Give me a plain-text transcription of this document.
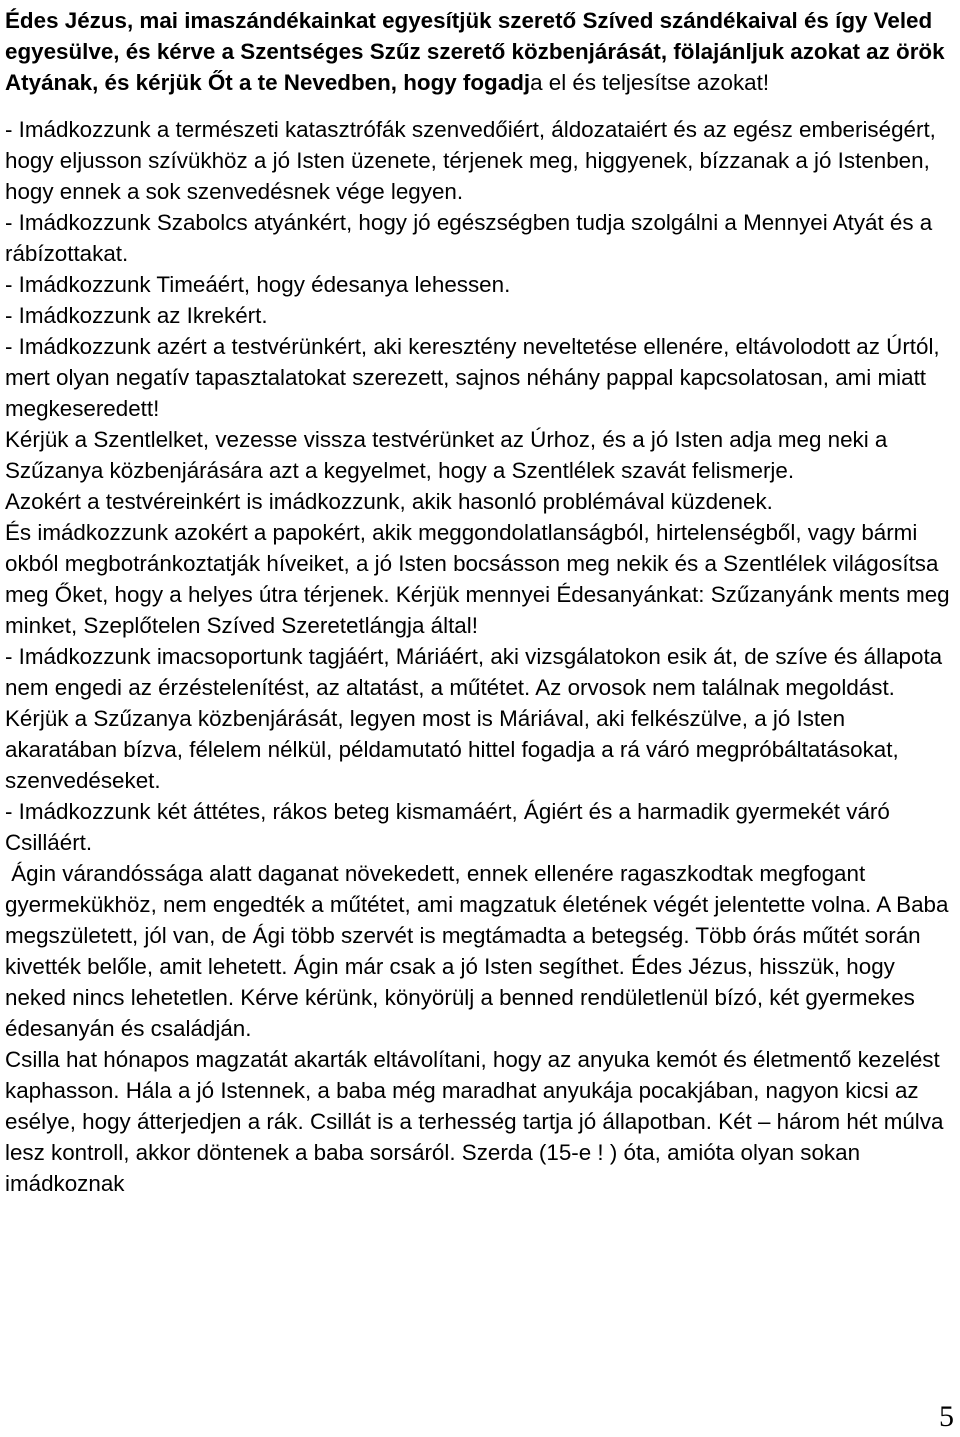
Édes Jézus, mai imaszándékainkat egyesítjük szerető Szíved szándékaival és így Veled egyesülve, és kérve a Szentséges Szűz szerető közbenjárását, fölajánljuk azokat az örök Atyának, és kérjük Őt a te Nevedben, hogy fogadja el és teljesítse azokat!

- Imádkozzunk a természeti katasztrófák szenvedőiért, áldozataiért és az egész emberiségért, hogy eljusson szívükhöz a jó Isten üzenete, térjenek meg, higgyenek, bízzanak a jó Istenben, hogy ennek a sok szenvedésnek vége legyen.

- Imádkozzunk Szabolcs atyánkért, hogy jó egészségben tudja szolgálni a Mennyei Atyát és a rábízottakat.

- Imádkozzunk Timeáért, hogy édesanya lehessen.

- Imádkozzunk az Ikrekért.

- Imádkozzunk azért a testvérünkért, aki keresztény neveltetése ellenére, eltávolodott az Úrtól, mert olyan negatív tapasztalatokat szerezett, sajnos néhány pappal kapcsolatosan, ami miatt megkeseredett!

Kérjük a Szentlelket, vezesse vissza testvérünket az Úrhoz, és a jó Isten adja meg neki a Szűzanya közbenjárására azt a kegyelmet, hogy a Szentlélek szavát felismerje.

Azokért a testvéreinkért is imádkozzunk, akik hasonló problémával küzdenek.

És imádkozzunk azokért a papokért, akik meggondolatlanságból, hirtelenségből, vagy bármi okból megbotránkoztatják híveiket, a jó Isten bocsásson meg nekik és a Szentlélek világosítsa meg Őket, hogy a helyes útra térjenek. Kérjük mennyei Édesanyánkat: Szűzanyánk ments meg minket, Szeplőtelen Szíved Szeretetlángja által!

- Imádkozzunk imacsoportunk tagjáért, Máriáért, aki vizsgálatokon esik át, de szíve és állapota nem engedi az érzéstelenítést, az altatást, a műtétet. Az orvosok nem találnak megoldást. Kérjük a Szűzanya közbenjárását, legyen most is Máriával, aki felkészülve, a jó Isten akaratában bízva, félelem nélkül, példamutató hittel fogadja a rá váró megpróbáltatásokat, szenvedéseket.

- Imádkozzunk két áttétes, rákos beteg kismamáért, Ágiért és a harmadik gyermekét váró Csilláért.

Ágin várandóssága alatt daganat növekedett, ennek ellenére ragaszkodtak megfogant gyermekükhöz, nem engedték a műtétet, ami magzatuk életének végét jelentette volna. A Baba megszületett, jól van, de Ági több szervét is megtámadta a betegség. Több órás műtét során kivették belőle, amit lehetett. Ágin már csak a jó Isten segíthet. Édes Jézus, hisszük, hogy neked nincs lehetetlen. Kérve kérünk, könyörülj a benned rendületlenül bízó, két gyermekes édesanyán és családján.

Csilla hat hónapos magzatát akarták eltávolítani, hogy az anyuka kemót és életmentő kezelést kaphasson. Hála a jó Istennek, a baba még maradhat anyukája pocakjában, nagyon kicsi az esélye, hogy átterjedjen a rák. Csillát is a terhesség tartja jó állapotban. Két – három hét múlva lesz kontroll, akkor döntenek a baba sorsáról. Szerda (15-e ! ) óta, amióta olyan sokan imádkoznak

5
